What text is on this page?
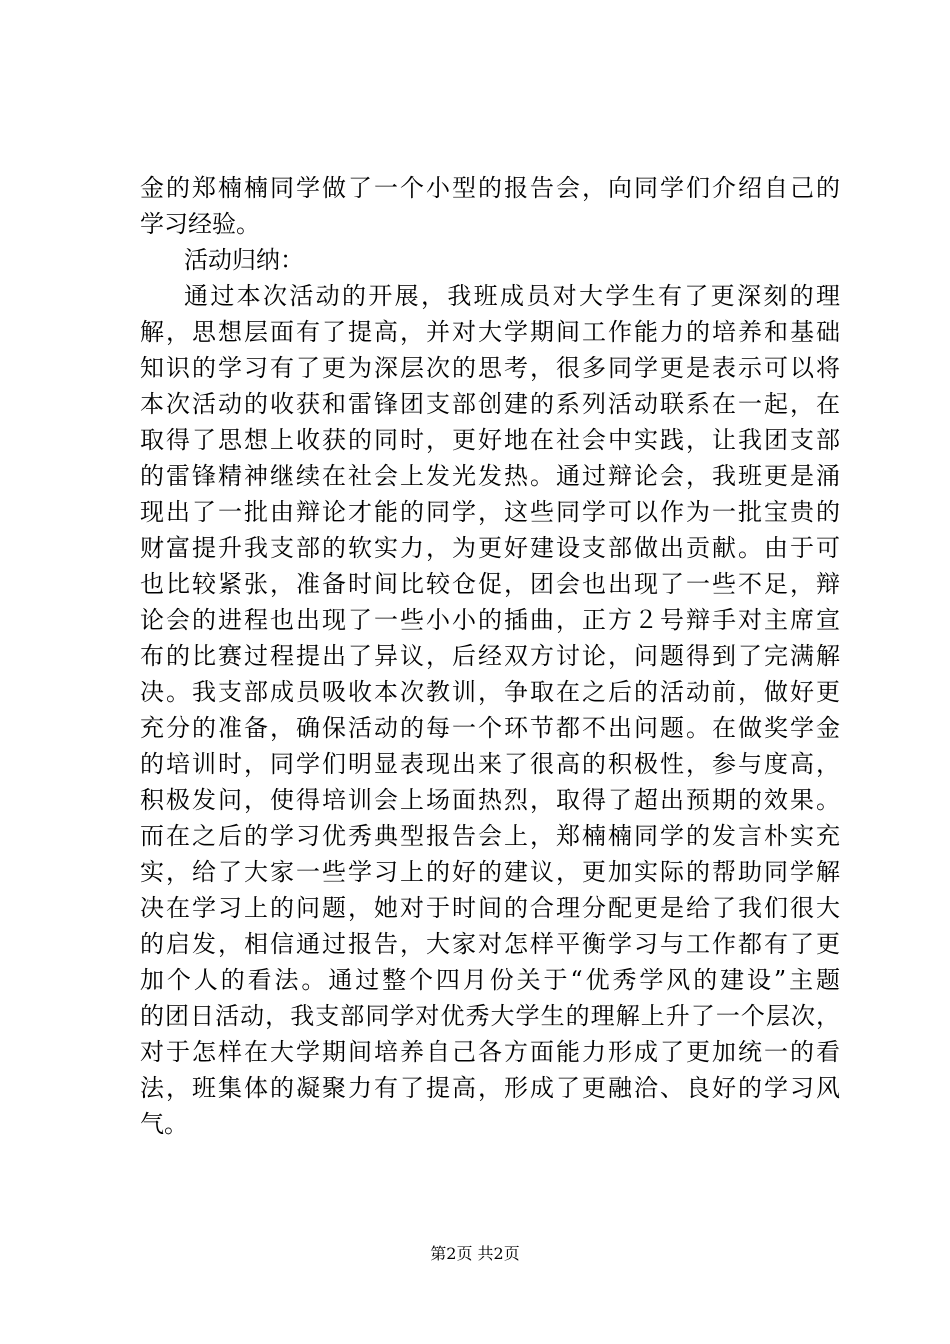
金的郑楠楠同学做了一个小型的报告会，向同学们介绍自己的
学习经验。
活动归纳：
通过本次活动的开展，我班成员对大学生有了更深刻的理
解，思想层面有了提高，并对大学期间工作能力的培养和基础
知识的学习有了更为深层次的思考，很多同学更是表示可以将
本次活动的收获和雷锋团支部创建的系列活动联系在一起，在
取得了思想上收获的同时，更好地在社会中实践，让我团支部
的雷锋精神继续在社会上发光发热。通过辩论会，我班更是涌
现出了一批由辩论才能的同学，这些同学可以作为一批宝贵的
财富提升我支部的软实力，为更好建设支部做出贡献。由于可
也比较紧张，准备时间比较仓促，团会也出现了一些不足，辩
论会的进程也出现了一些小小的插曲，正方２号辩手对主席宣
布的比赛过程提出了异议，后经双方讨论，问题得到了完满解
决。我支部成员吸收本次教训，争取在之后的活动前，做好更
充分的准备，确保活动的每一个环节都不出问题。在做奖学金
的培训时，同学们明显表现出来了很高的积极性，参与度高，
积极发问，使得培训会上场面热烈，取得了超出预期的效果。
而在之后的学习优秀典型报告会上，郑楠楠同学的发言朴实充
实，给了大家一些学习上的好的建议，更加实际的帮助同学解
决在学习上的问题，她对于时间的合理分配更是给了我们很大
的启发，相信通过报告，大家对怎样平衡学习与工作都有了更
加个人的看法。通过整个四月份关于“优秀学风的建设”主题
的团日活动，我支部同学对优秀大学生的理解上升了一个层次，
对于怎样在大学期间培养自己各方面能力形成了更加统一的看
法，班集体的凝聚力有了提高，形成了更融洽、良好的学习风
气。
第2页 共2页
